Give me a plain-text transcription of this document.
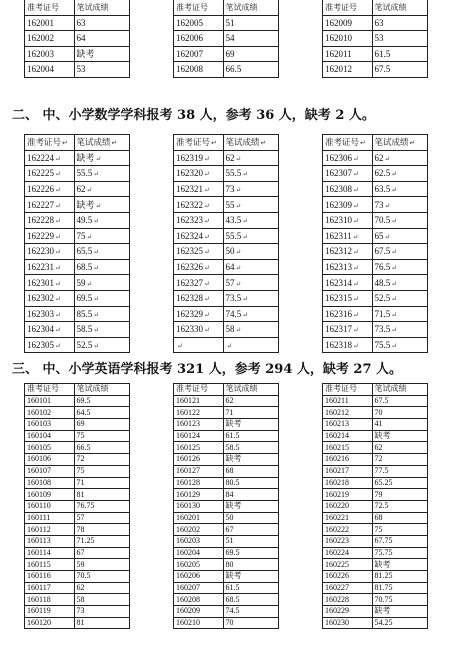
准考证号	笔试成绩
162001	63
162002	64
162003	缺考
162004	53
准考证号	笔试成绩
162005	51
162006	54
162007	69
162008	66.5
准考证号	笔试成绩
162009	63
162010	53
162011	61.5
162012	67.5
二、 中、小学数学学科报考 38 人，参考 36 人，缺考 2 人。
准考证号↵	笔试成绩↵
162224↵	缺考↵
162225↵	55.5↵
162226↵	62↵
162227↵	缺考↵
162228↵	49.5↵
162229↵	75↵
162230↵	65.5↵
162231↵	68.5↵
162301↵	59↵
162302↵	69.5↵
162303↵	85.5↵
162304↵	58.5↵
162305↵	52.5↵
准考证号↵	笔试成绩↵
162319↵	62↵
162320↵	55.5↵
162321↵	73↵
162322↵	55↵
162323↵	43.5↵
162324↵	55.5↵
162325↵	50↵
162326↵	64↵
162327↵	57↵
162328↵	73.5↵
162329↵	74.5↵
162330↵	58↵
↵	↵
准考证号↵	笔试成绩↵
162306↵	62↵
162307↵	62.5↵
162308↵	63.5↵
162309↵	73↵
162310↵	70.5↵
162311↵	65↵
162312↵	67.5↵
162313↵	76.5↵
162314↵	48.5↵
162315↵	52.5↵
162316↵	71.5↵
162317↵	73.5↵
162318↵	75.5↵
三、 中、小学英语学科报考 321 人，参考 294 人，缺考 27 人。
准考证号	笔试成绩
160101	69.5
160102	64.5
160103	69
160104	75
160105	66.5
160106	72
160107	75
160108	71
160109	81
160110	76.75
160111	57
160112	78
160113	71.25
160114	67
160115	59
160116	70.5
160117	62
160118	58
160119	73
160120	81
准考证号	笔试成绩
160121	62
160122	71
160123	缺考
160124	61.5
160125	58.5
160126	缺考
160127	68
160128	80.5
160129	84
160130	缺考
160201	50
160202	67
160203	51
160204	69.5
160205	80
160206	缺考
160207	61.5
160208	68.5
160209	74.5
160210	70
准考证号	笔试成绩
160211	67.5
160212	70
160213	41
160214	缺考
160215	62
160216	72
160217	77.5
160218	65.25
160219	79
160220	72.5
160221	68
160222	75
160223	67.75
160224	75.75
160225	缺考
160226	81.25
160227	81.75
160228	70.75
160229	缺考
160230	54.25
